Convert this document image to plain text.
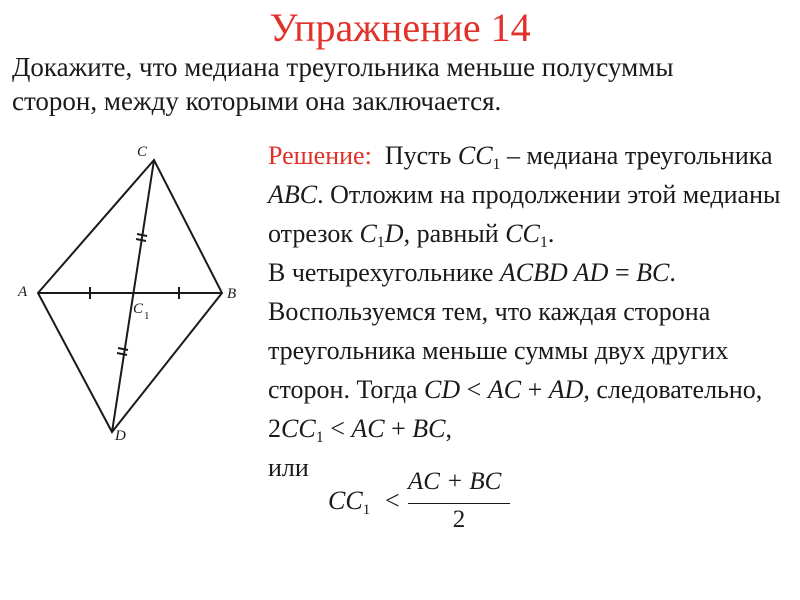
Упражнение 14
Докажите, что медиана треугольника меньше полусуммы
сторон, между которыми она заключается.
C
A	B
C 1
D
Решение: Пусть $CC_1$ – медиана треугольника ABC. Отложим на продолжении этой медианы отрезок $C_1D$, равный $CC_1$.
В четырехугольнике ACBD AD = BC.
Воспользуемся тем, что каждая сторона треугольника меньше суммы двух других сторон. Тогда CD < AC + AD, следовательно, $2CC_1$ < AC + BC,
или
$CC_1$ <
AC + BC
2
